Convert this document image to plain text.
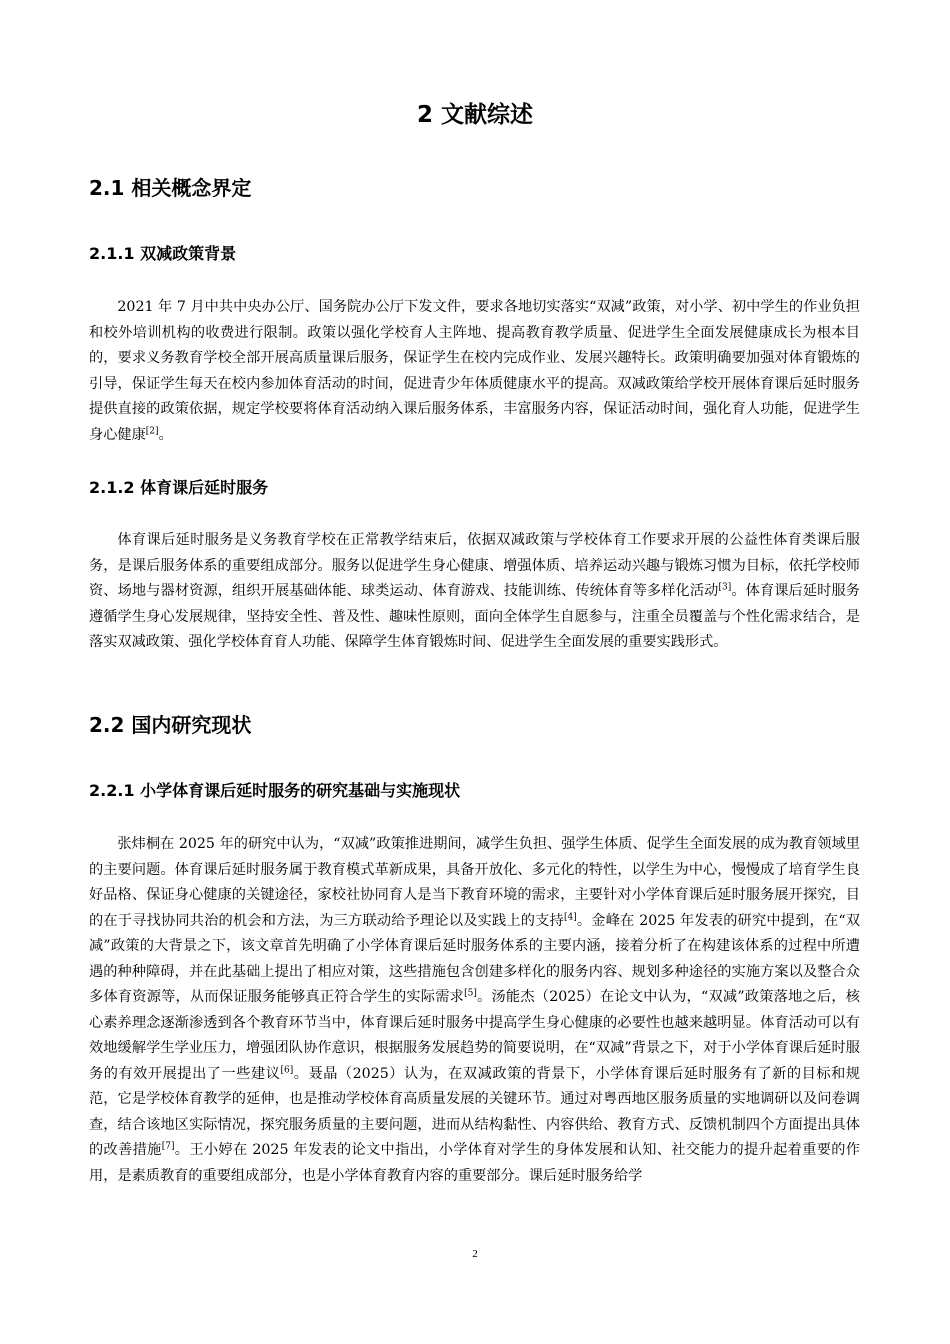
2 文献综述
2.1 相关概念界定
2.1.1 双减政策背景

2021 年 7 月中共中央办公厅、国务院办公厅下发文件，要求各地切实落实“双减”政策，对小学、初中学生的作业负担和校外培训机构的收费进行限制。政策以强化学校育人主阵地、提高教育教学质量、促进学生全面发展健康成长为根本目的，要求义务教育学校全部开展高质量课后服务，保证学生在校内完成作业、发展兴趣特长。政策明确要加强对体育锻炼的引导，保证学生每天在校内参加体育活动的时间，促进青少年体质健康水平的提高。双减政策给学校开展体育课后延时服务提供直接的政策依据，规定学校要将体育活动纳入课后服务体系，丰富服务内容，保证活动时间，强化育人功能，促进学生身心健康[2]。

2.1.2 体育课后延时服务

体育课后延时服务是义务教育学校在正常教学结束后，依据双减政策与学校体育工作要求开展的公益性体育类课后服务，是课后服务体系的重要组成部分。服务以促进学生身心健康、增强体质、培养运动兴趣与锻炼习惯为目标，依托学校师资、场地与器材资源，组织开展基础体能、球类运动、体育游戏、技能训练、传统体育等多样化活动[3]。体育课后延时服务遵循学生身心发展规律，坚持安全性、普及性、趣味性原则，面向全体学生自愿参与，注重全员覆盖与个性化需求结合，是落实双减政策、强化学校体育育人功能、保障学生体育锻炼时间、促进学生全面发展的重要实践形式。

2.2 国内研究现状
2.2.1 小学体育课后延时服务的研究基础与实施现状

张炜桐在 2025 年的研究中认为，“双减”政策推进期间，减学生负担、强学生体质、促学生全面发展的成为教育领域里的主要问题。体育课后延时服务属于教育模式革新成果，具备开放化、多元化的特性，以学生为中心，慢慢成了培育学生良好品格、保证身心健康的关键途径，家校社协同育人是当下教育环境的需求，主要针对小学体育课后延时服务展开探究，目的在于寻找协同共治的机会和方法，为三方联动给予理论以及实践上的支持[4]。金峰在 2025 年发表的研究中提到，在“双减”政策的大背景之下，该文章首先明确了小学体育课后延时服务体系的主要内涵，接着分析了在构建该体系的过程中所遭遇的种种障碍，并在此基础上提出了相应对策，这些措施包含创建多样化的服务内容、规划多种途径的实施方案以及整合众多体育资源等，从而保证服务能够真正符合学生的实际需求[5]。汤能杰（2025）在论文中认为，“双减”政策落地之后，核心素养理念逐渐渗透到各个教育环节当中，体育课后延时服务中提高学生身心健康的必要性也越来越明显。体育活动可以有效地缓解学生学业压力，增强团队协作意识，根据服务发展趋势的简要说明，在“双减”背景之下，对于小学体育课后延时服务的有效开展提出了一些建议[6]。聂晶（2025）认为，在双减政策的背景下，小学体育课后延时服务有了新的目标和规范，它是学校体育教学的延伸，也是推动学校体育高质量发展的关键环节。通过对粤西地区服务质量的实地调研以及问卷调查，结合该地区实际情况，探究服务质量的主要问题，进而从结构黏性、内容供给、教育方式、反馈机制四个方面提出具体的改善措施[7]。王小婷在 2025 年发表的论文中指出，小学体育对学生的身体发展和认知、社交能力的提升起着重要的作用，是素质教育的重要组成部分，也是小学体育教育内容的重要部分。课后延时服务给学

2
